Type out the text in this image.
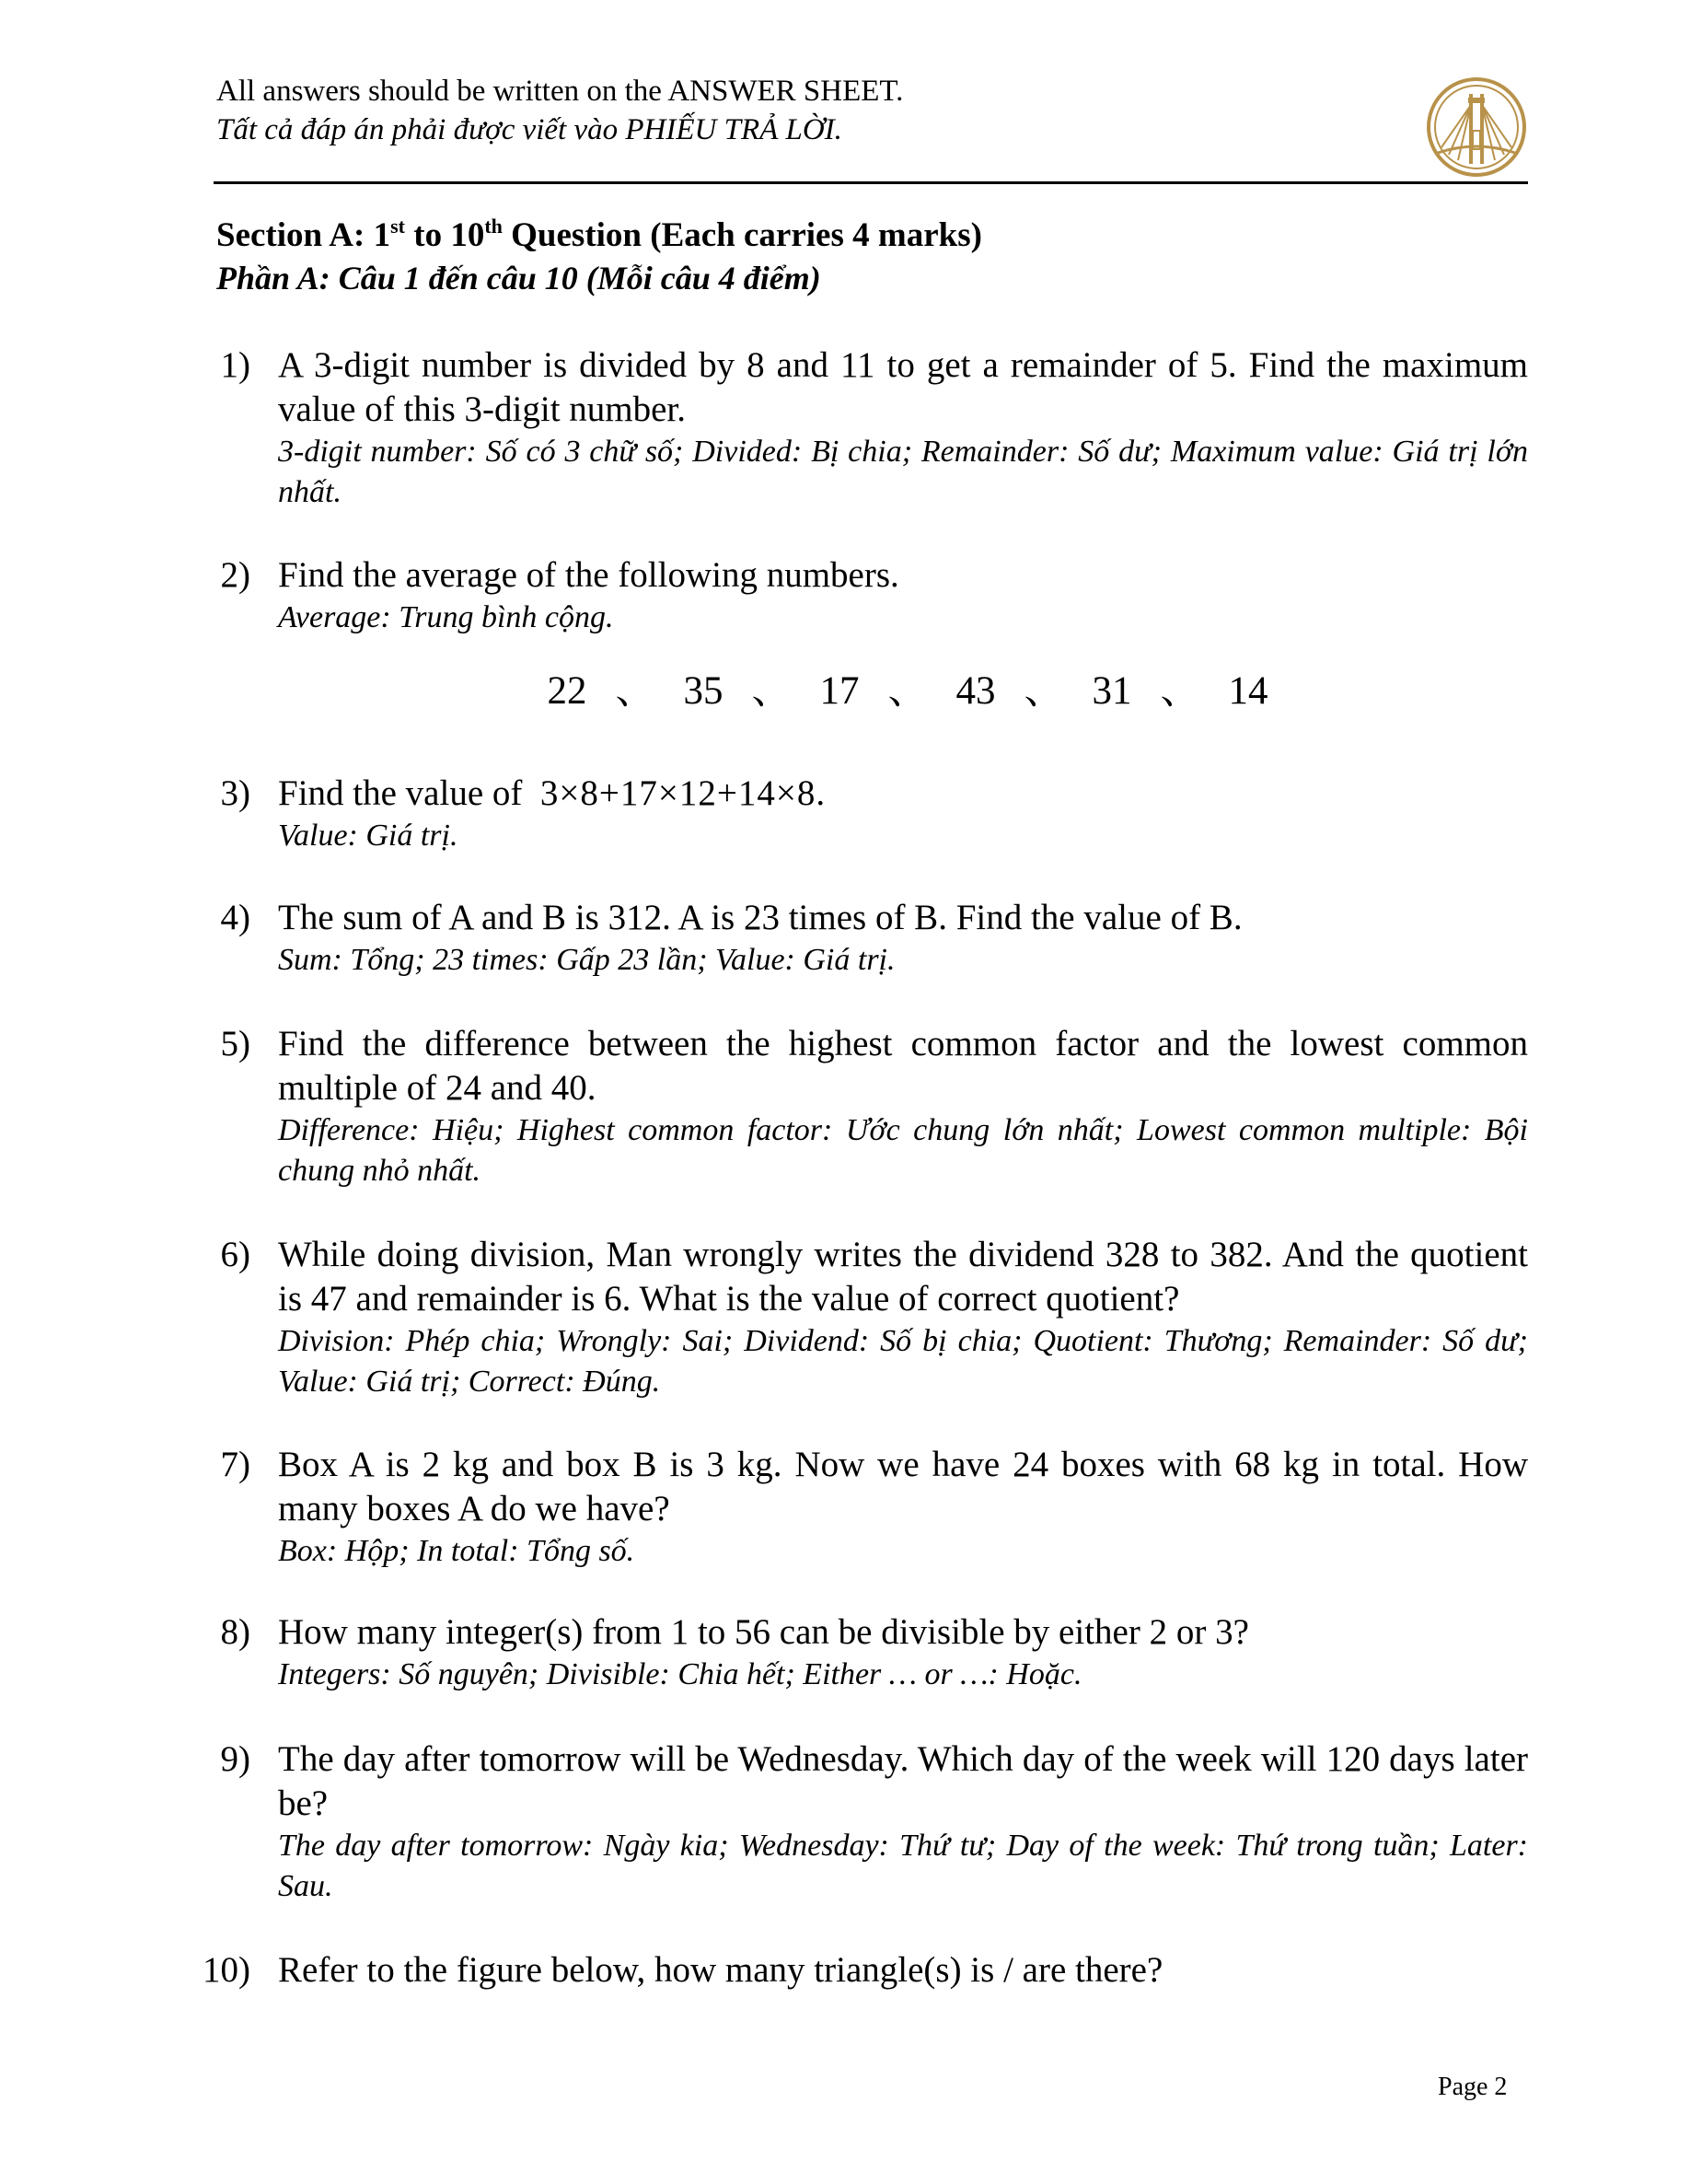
All answers should be written on the ANSWER SHEET.
Tất cả đáp án phải được viết vào PHIẾU TRẢ LỜI.
Section A: 1st to 10th Question (Each carries 4 marks)
Phần A: Câu 1 đến câu 10 (Mỗi câu 4 điểm)
1) A 3-digit number is divided by 8 and 11 to get a remainder of 5. Find the maximum value of this 3-digit number.
3-digit number: Số có 3 chữ số; Divided: Bị chia; Remainder: Số dư; Maximum value: Giá trị lớn nhất.
2) Find the average of the following numbers.
Average: Trung bình cộng.
22 、 35 、 17 、 43 、 31 、 14
3) Find the value of 3×8+17×12+14×8.
Value: Giá trị.
4) The sum of A and B is 312. A is 23 times of B. Find the value of B.
Sum: Tổng; 23 times: Gấp 23 lần; Value: Giá trị.
5) Find the difference between the highest common factor and the lowest common multiple of 24 and 40.
Difference: Hiệu; Highest common factor: Ước chung lớn nhất; Lowest common multiple: Bội chung nhỏ nhất.
6) While doing division, Man wrongly writes the dividend 328 to 382. And the quotient is 47 and remainder is 6. What is the value of correct quotient?
Division: Phép chia; Wrongly: Sai; Dividend: Số bị chia; Quotient: Thương; Remainder: Số dư; Value: Giá trị; Correct: Đúng.
7) Box A is 2 kg and box B is 3 kg. Now we have 24 boxes with 68 kg in total. How many boxes A do we have?
Box: Hộp; In total: Tổng số.
8) How many integer(s) from 1 to 56 can be divisible by either 2 or 3?
Integers: Số nguyên; Divisible: Chia hết; Either … or …: Hoặc.
9) The day after tomorrow will be Wednesday. Which day of the week will 120 days later be?
The day after tomorrow: Ngày kia; Wednesday: Thứ tư; Day of the week: Thứ trong tuần; Later: Sau.
10) Refer to the figure below, how many triangle(s) is / are there?
Page 2
